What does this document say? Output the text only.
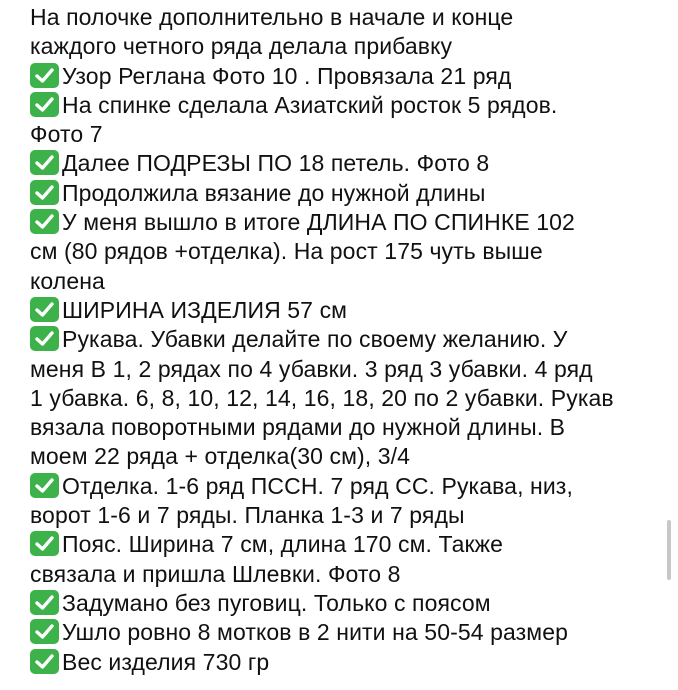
На полочке дополнительно в начале и конце
каждого четного ряда делала прибавку
Узор Реглана Фото 10 . Провязала 21 ряд
На спинке сделала Азиатский росток 5 рядов.
Фото 7
Далее ПОДРЕЗЫ ПО 18 петель. Фото 8
Продолжила вязание до нужной длины
У меня вышло в итоге ДЛИНА ПО СПИНКЕ 102
см (80 рядов +отделка). На рост 175 чуть выше
колена
ШИРИНА ИЗДЕЛИЯ 57 см
Рукава. Убавки делайте по своему желанию. У
меня В 1, 2 рядах по 4 убавки. 3 ряд 3 убавки. 4 ряд
1 убавка. 6, 8, 10, 12, 14, 16, 18, 20 по 2 убавки. Рукав
вязала поворотными рядами до нужной длины. В
моем 22 ряда + отделка(30 см), 3/4
Отделка. 1-6 ряд ПССН. 7 ряд СС. Рукава, низ,
ворот 1-6 и 7 ряды. Планка 1-3 и 7 ряды
Пояс. Ширина 7 см, длина 170 см. Также
связала и пришла Шлевки. Фото 8
Задумано без пуговиц. Только с поясом
Ушло ровно 8 мотков в 2 нити на 50-54 размер
Вес изделия 730 гр
